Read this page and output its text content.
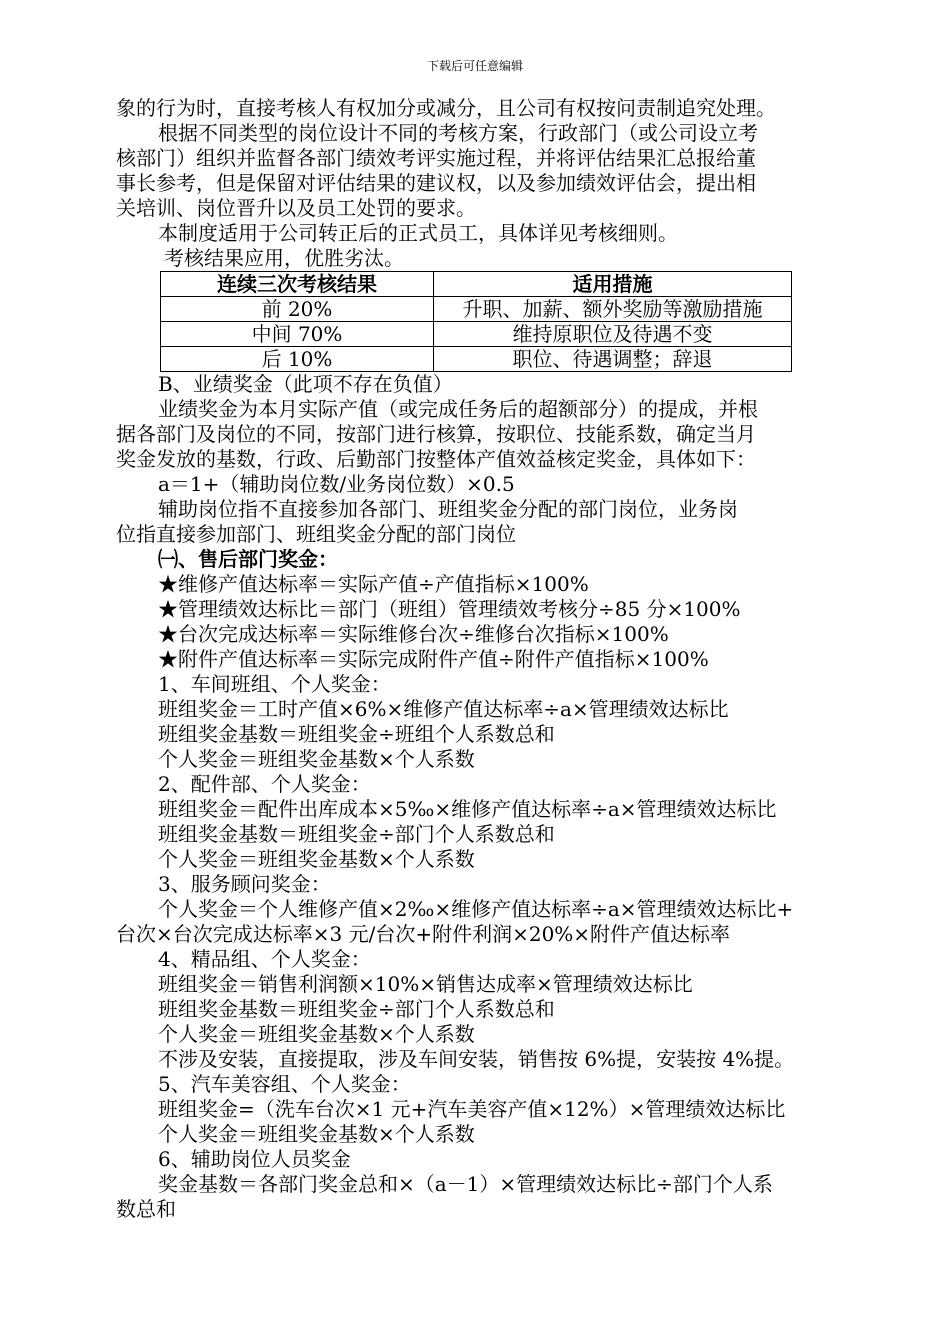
下载后可任意编辑
象的行为时，直接考核人有权加分或减分，且公司有权按问责制追究处理。
根据不同类型的岗位设计不同的考核方案，行政部门（或公司设立考
核部门）组织并监督各部门绩效考评实施过程，并将评估结果汇总报给董
事长参考，但是保留对评估结果的建议权，以及参加绩效评估会，提出相
关培训、岗位晋升以及员工处罚的要求。
本制度适用于公司转正后的正式员工，具体详见考核细则。
考核结果应用，优胜劣汰。
连续三次考核结果	适用措施
前 20%	升职、加薪、额外奖励等激励措施
中间 70%	维持原职位及待遇不变
后 10%	职位、待遇调整；辞退
B、业绩奖金（此项不存在负值）
业绩奖金为本月实际产值（或完成任务后的超额部分）的提成，并根
据各部门及岗位的不同，按部门进行核算，按职位、技能系数，确定当月
奖金发放的基数，行政、后勤部门按整体产值效益核定奖金，具体如下：
a＝1+（辅助岗位数/业务岗位数）×0.5
辅助岗位指不直接参加各部门、班组奖金分配的部门岗位，业务岗
位指直接参加部门、班组奖金分配的部门岗位
㈠、售后部门奖金：
★维修产值达标率＝实际产值÷产值指标×100%
★管理绩效达标比＝部门（班组）管理绩效考核分÷85 分×100%
★台次完成达标率＝实际维修台次÷维修台次指标×100%
★附件产值达标率＝实际完成附件产值÷附件产值指标×100%
1、车间班组、个人奖金：
班组奖金＝工时产值×6%×维修产值达标率÷a×管理绩效达标比
班组奖金基数＝班组奖金÷班组个人系数总和
个人奖金＝班组奖金基数×个人系数
2、配件部、个人奖金：
班组奖金＝配件出库成本×5‰×维修产值达标率÷a×管理绩效达标比
班组奖金基数＝班组奖金÷部门个人系数总和
个人奖金＝班组奖金基数×个人系数
3、服务顾问奖金：
个人奖金＝个人维修产值×2‰×维修产值达标率÷a×管理绩效达标比+
台次×台次完成达标率×3 元/台次+附件利润×20%×附件产值达标率
4、精品组、个人奖金：
班组奖金＝销售利润额×10%×销售达成率×管理绩效达标比
班组奖金基数＝班组奖金÷部门个人系数总和
个人奖金＝班组奖金基数×个人系数
不涉及安装，直接提取，涉及车间安装，销售按 6%提，安装按 4%提。
5、汽车美容组、个人奖金：
班组奖金=（洗车台次×1 元+汽车美容产值×12%）×管理绩效达标比
个人奖金＝班组奖金基数×个人系数
6、辅助岗位人员奖金
奖金基数＝各部门奖金总和×（a－1）×管理绩效达标比÷部门个人系
数总和
